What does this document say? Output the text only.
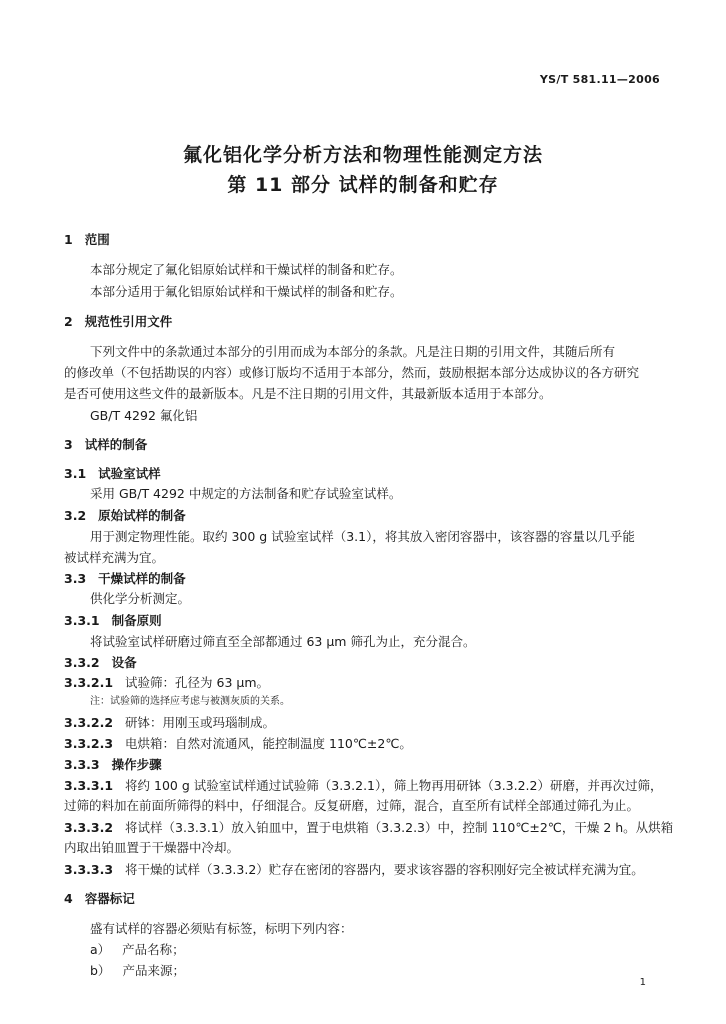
YS/T 581.11—2006
氟化铝化学分析方法和物理性能测定方法
第 11 部分 试样的制备和贮存
1 范围
本部分规定了氟化铝原始试样和干燥试样的制备和贮存。
本部分适用于氟化铝原始试样和干燥试样的制备和贮存。
2 规范性引用文件
下列文件中的条款通过本部分的引用而成为本部分的条款。凡是注日期的引用文件，其随后所有
的修改单（不包括勘误的内容）或修订版均不适用于本部分，然而，鼓励根据本部分达成协议的各方研究
是否可使用这些文件的最新版本。凡是不注日期的引用文件，其最新版本适用于本部分。
GB/T 4292 氟化铝
3 试样的制备
3.1 试验室试样
采用 GB/T 4292 中规定的方法制备和贮存试验室试样。
3.2 原始试样的制备
用于测定物理性能。取约 300 g 试验室试样（3.1），将其放入密闭容器中，该容器的容量以几乎能
被试样充满为宜。
3.3 干燥试样的制备
供化学分析测定。
3.3.1 制备原则
将试验室试样研磨过筛直至全部都通过 63 μm 筛孔为止，充分混合。
3.3.2 设备
3.3.2.1 试验筛：孔径为 63 μm。
注：试验筛的选择应考虑与被测灰质的关系。
3.3.2.2 研钵：用刚玉或玛瑙制成。
3.3.2.3 电烘箱：自然对流通风，能控制温度 110℃±2℃。
3.3.3 操作步骤
3.3.3.1 将约 100 g 试验室试样通过试验筛（3.3.2.1），筛上物再用研钵（3.3.2.2）研磨，并再次过筛，
过筛的料加在前面所筛得的料中，仔细混合。反复研磨，过筛，混合，直至所有试样全部通过筛孔为止。
3.3.3.2 将试样（3.3.3.1）放入铂皿中，置于电烘箱（3.3.2.3）中，控制 110℃±2℃，干燥 2 h。从烘箱
内取出铂皿置于干燥器中冷却。
3.3.3.3 将干燥的试样（3.3.3.2）贮存在密闭的容器内，要求该容器的容积刚好完全被试样充满为宜。
4 容器标记
盛有试样的容器必须贴有标签，标明下列内容：
a） 产品名称；
b） 产品来源；
1
